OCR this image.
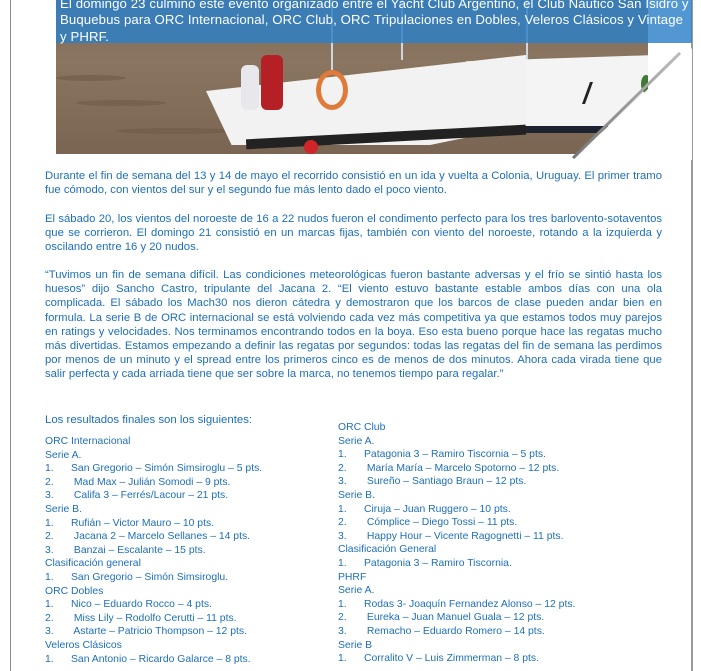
El domingo 23 culminó este evento organizado entre el Yacht Club Argentino, el Club Náutico San Isidro y Buquebus para ORC Internacional, ORC Club, ORC Tripulaciones en Dobles, Veleros Clásicos y Vintage y PHRF.

Durante el fin de semana del 13 y 14 de mayo el recorrido consistió en un ida y vuelta a Colonia, Uruguay. El primer tramo fue cómodo, con vientos del sur y el segundo fue más lento dado el poco viento.

El sábado 20, los vientos del noroeste de 16 a 22 nudos fueron el condimento perfecto para los tres barlovento-sotaventos que se corrieron. El domingo 21 consistió en un marcas fijas, también con viento del noroeste, rotando a la izquierda y oscilando entre 16 y 20 nudos.

“Tuvimos un fin de semana difícil. Las condiciones meteorológicas fueron bastante adversas y el frío se sintió hasta los huesos” dijo Sancho Castro, tripulante del Jacana 2. “El viento estuvo bastante estable ambos días con una ola complicada. El sábado los Mach30 nos dieron cátedra y demostraron que los barcos de clase pueden andar bien en formula. La serie B de ORC internacional se está volviendo cada vez más competitiva ya que estamos todos muy parejos en ratings y velocidades. Nos terminamos encontrando todos en la boya. Eso esta bueno porque hace las regatas mucho más divertidas. Estamos empezando a definir las regatas por segundos: todas las regatas del fin de semana las perdimos por menos de un minuto y el spread entre los primeros cinco es de menos de dos minutos. Ahora cada virada tiene que salir perfecta y cada arriada tiene que ser sobre la marca, no tenemos tiempo para regalar.”

Los resultados finales son los siguientes:
ORC Internacional
Serie A.
1. San Gregorio – Simón Simsiroglu – 5 pts.
2. Mad Max – Julián Somodi – 9 pts.
3. Califa 3 – Ferrés/Lacour – 21 pts.
Serie B.
1. Rufián – Victor Mauro – 10 pts.
2. Jacana 2 – Marcelo Sellanes – 14 pts.
3. Banzai – Escalante – 15 pts.
Clasificación general
1. San Gregorio – Simón Simsiroglu.
ORC Dobles
1. Nico – Eduardo Rocco – 4 pts.
2. Miss Lily – Rodolfo Cerutti – 11 pts.
3. Astarte – Patricio Thompson – 12 pts.
Veleros Clásicos
1. San Antonio – Ricardo Galarce – 8 pts.
ORC Club
Serie A.
1. Patagonia 3 – Ramiro Tiscornia – 5 pts.
2. María María – Marcelo Spotorno – 12 pts.
3. Sureño – Santiago Braun – 12 pts.
Serie B.
1. Ciruja – Juan Ruggero – 10 pts.
2. Cómplice – Diego Tossi – 11 pts.
3. Happy Hour – Vicente Ragognetti – 11 pts.
Clasificación General
1. Patagonia 3 – Ramiro Tiscornia.
PHRF
Serie A.
1. Rodas 3- Joaquín Fernandez Alonso – 12 pts.
2. Eureka – Juan Manuel Guala – 12 pts.
3. Remacho – Eduardo Romero – 14 pts.
Serie B
1. Corralito V – Luis Zimmerman – 8 pts.
